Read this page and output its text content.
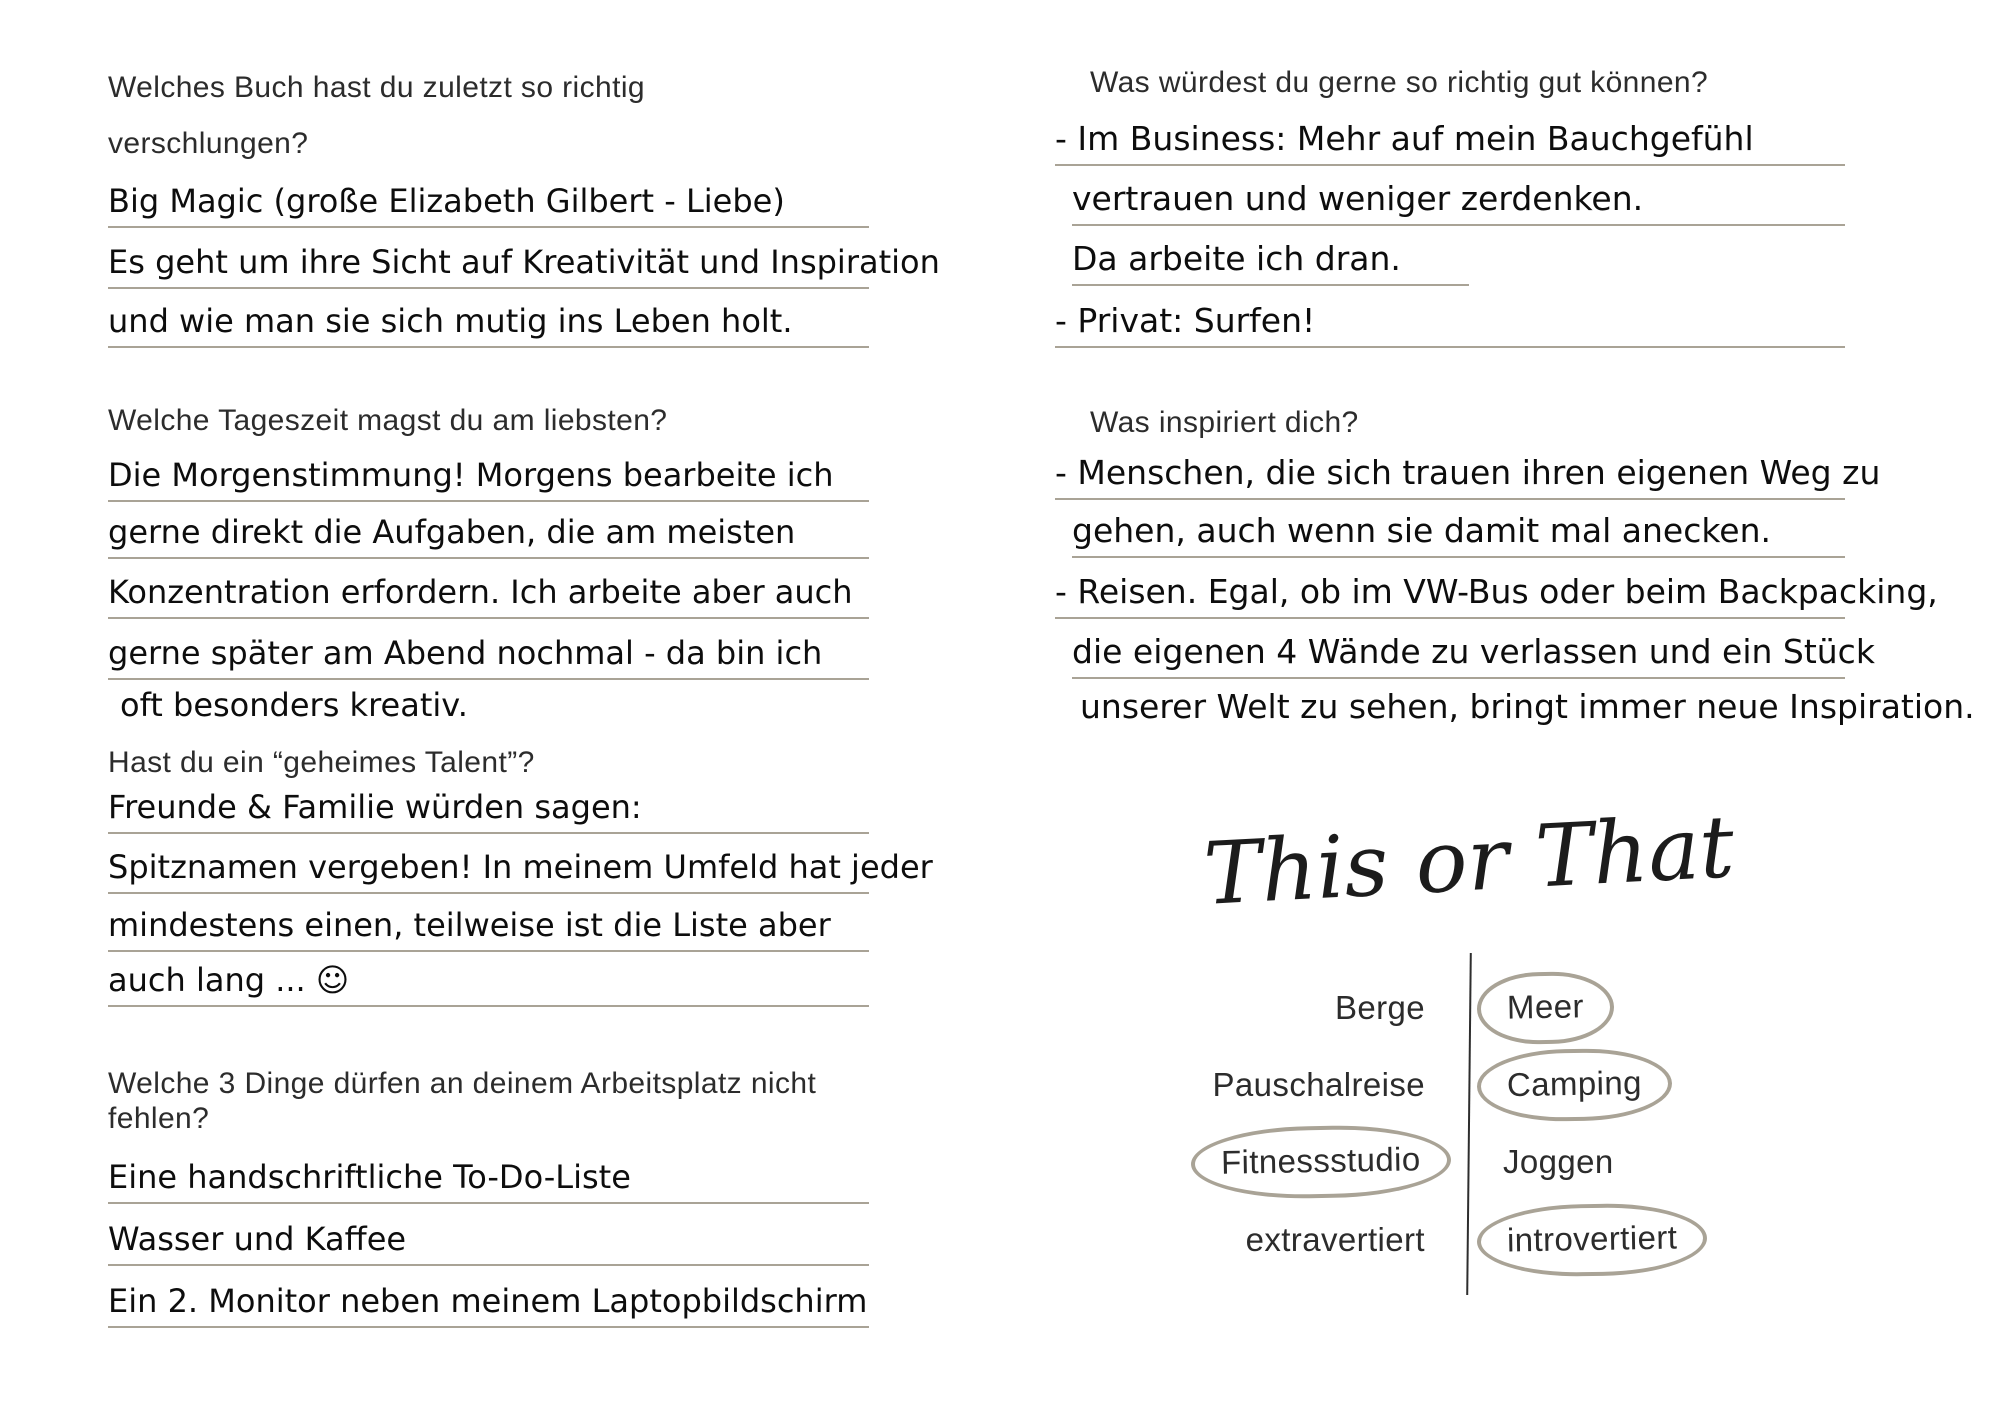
Welches Buch hast du zuletzt so richtig verschlungen?
Big Magic (große Elizabeth Gilbert - Liebe)
Es geht um ihre Sicht auf Kreativität und Inspiration
und wie man sie sich mutig ins Leben holt.
Welche Tageszeit magst du am liebsten?
Die Morgenstimmung! Morgens bearbeite ich
gerne direkt die Aufgaben, die am meisten
Konzentration erfordern. Ich arbeite aber auch
gerne später am Abend nochmal - da bin ich
oft besonders kreativ.
Hast du ein “geheimes Talent”?
Freunde & Familie würden sagen:
Spitznamen vergeben! In meinem Umfeld hat jeder
mindestens einen, teilweise ist die Liste aber
auch lang ... ☺
Welche 3 Dinge dürfen an deinem Arbeitsplatz nicht fehlen?
Eine handschriftliche To-Do-Liste
Wasser und Kaffee
Ein 2. Monitor neben meinem Laptopbildschirm
Was würdest du gerne so richtig gut können?
- Im Business: Mehr auf mein Bauchgefühl
vertrauen und weniger zerdenken.
Da arbeite ich dran.
- Privat: Surfen!
Was inspiriert dich?
- Menschen, die sich trauen ihren eigenen Weg zu
gehen, auch wenn sie damit mal anecken.
- Reisen. Egal, ob im VW-Bus oder beim Backpacking,
die eigenen 4 Wände zu verlassen und ein Stück
unserer Welt zu sehen, bringt immer neue Inspiration.
This or That
Berge	Meer
Pauschalreise	Camping
Fitnessstudio	Joggen
extravertiert	introvertiert
